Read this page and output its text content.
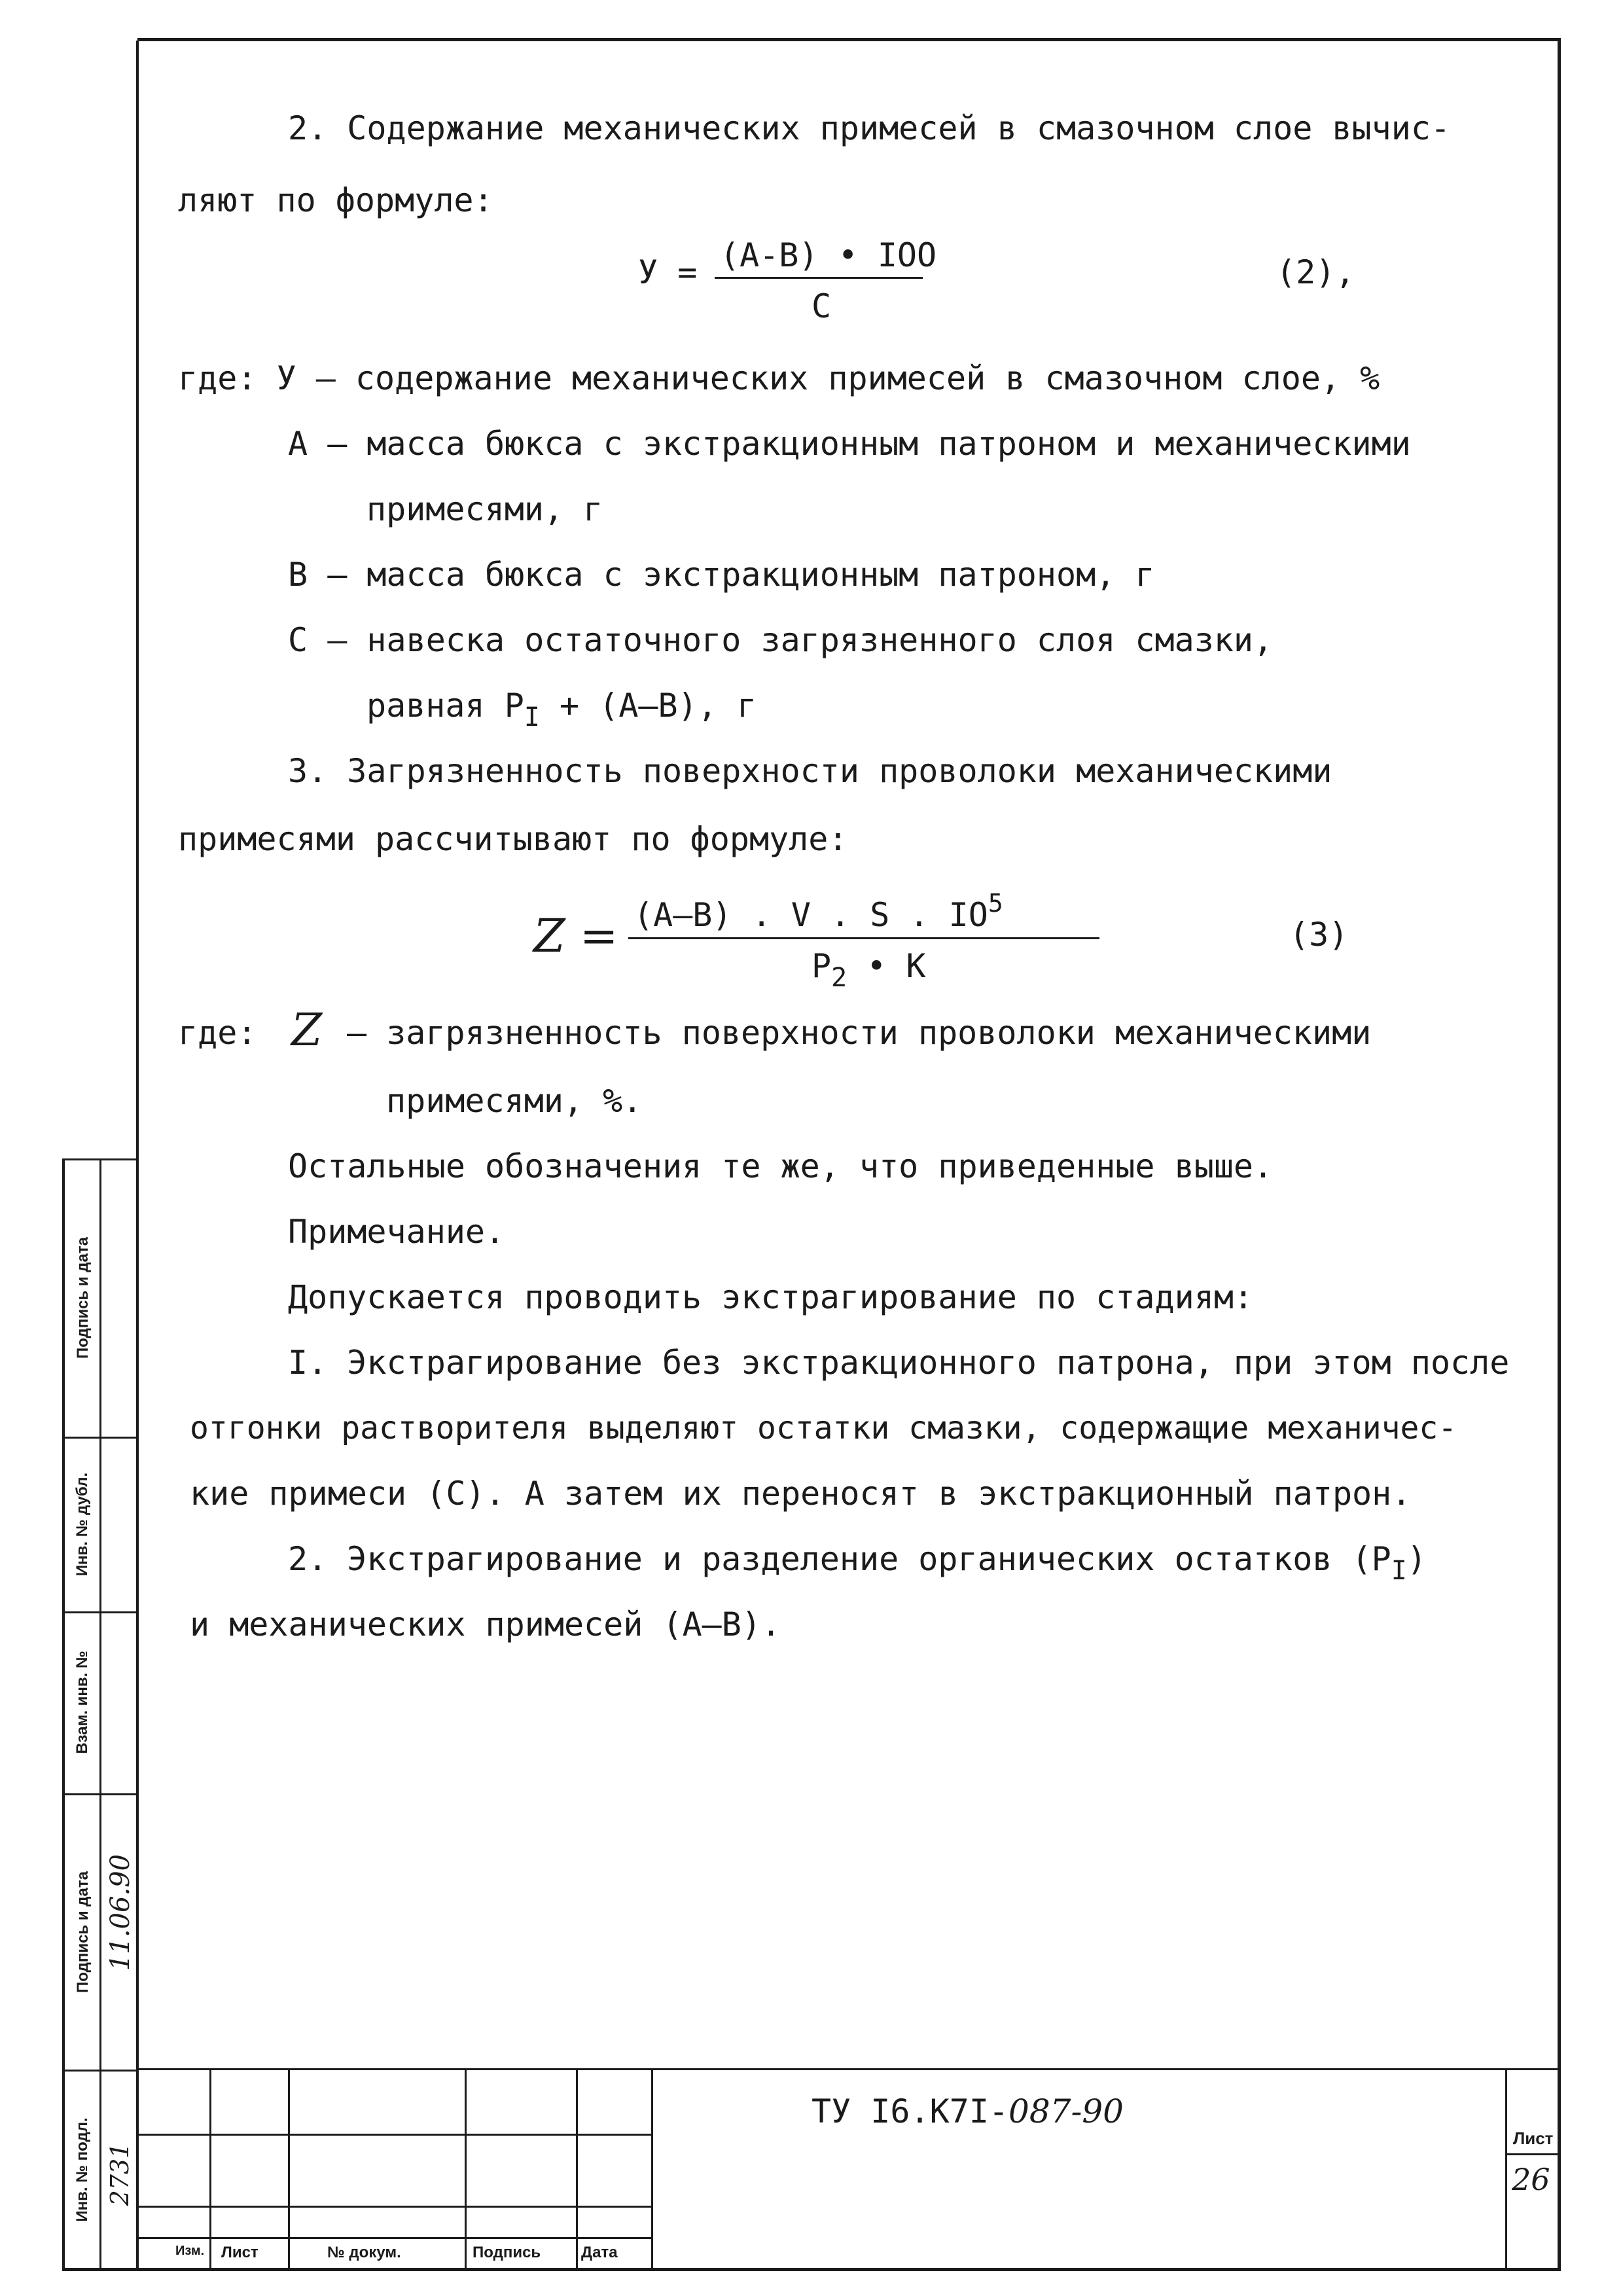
2. Содержание механических примесей в смазочном слое вычис-
ляют по формуле:
У = (А-В) • IOO
С
(2),
где: У – содержание механических примесей в смазочном слое, %
А – масса бюкса с экстракционным патроном и механическими
примесями, г
В – масса бюкса с экстракционным патроном, г
С – навеска остаточного загрязненного слоя смазки,
равная $Р_I + (А-В)$, г
3. Загрязненность поверхности проволоки механическими
примесями рассчитывают по формуле:
Z = (А–В) . V . S . $IO^5$
$Р_2$ • К
(3)
где: Z – загрязненность поверхности проволоки механическими
примесями, %.
Остальные обозначения те же, что приведенные выше.
Примечание.
Допускается проводить экстрагирование по стадиям:
I. Экстрагирование без экстракционного патрона, при этом после
отгонки растворителя выделяют остатки смазки, содержащие механичес-
кие примеси (С). А затем их переносят в экстракционный патрон.
2. Экстрагирование и разделение органических остатков $(Р_I)$
и механических примесей (А–В).
Подпись и дата
Инв. № дубл.
Взам. инв. №
Подпись и дата
Инв. № подл.
11.06.90
2731
Изм. Лист	№ докум.	Подпись	Дата
ТУ I6.К7I-087-90
Лист
26
